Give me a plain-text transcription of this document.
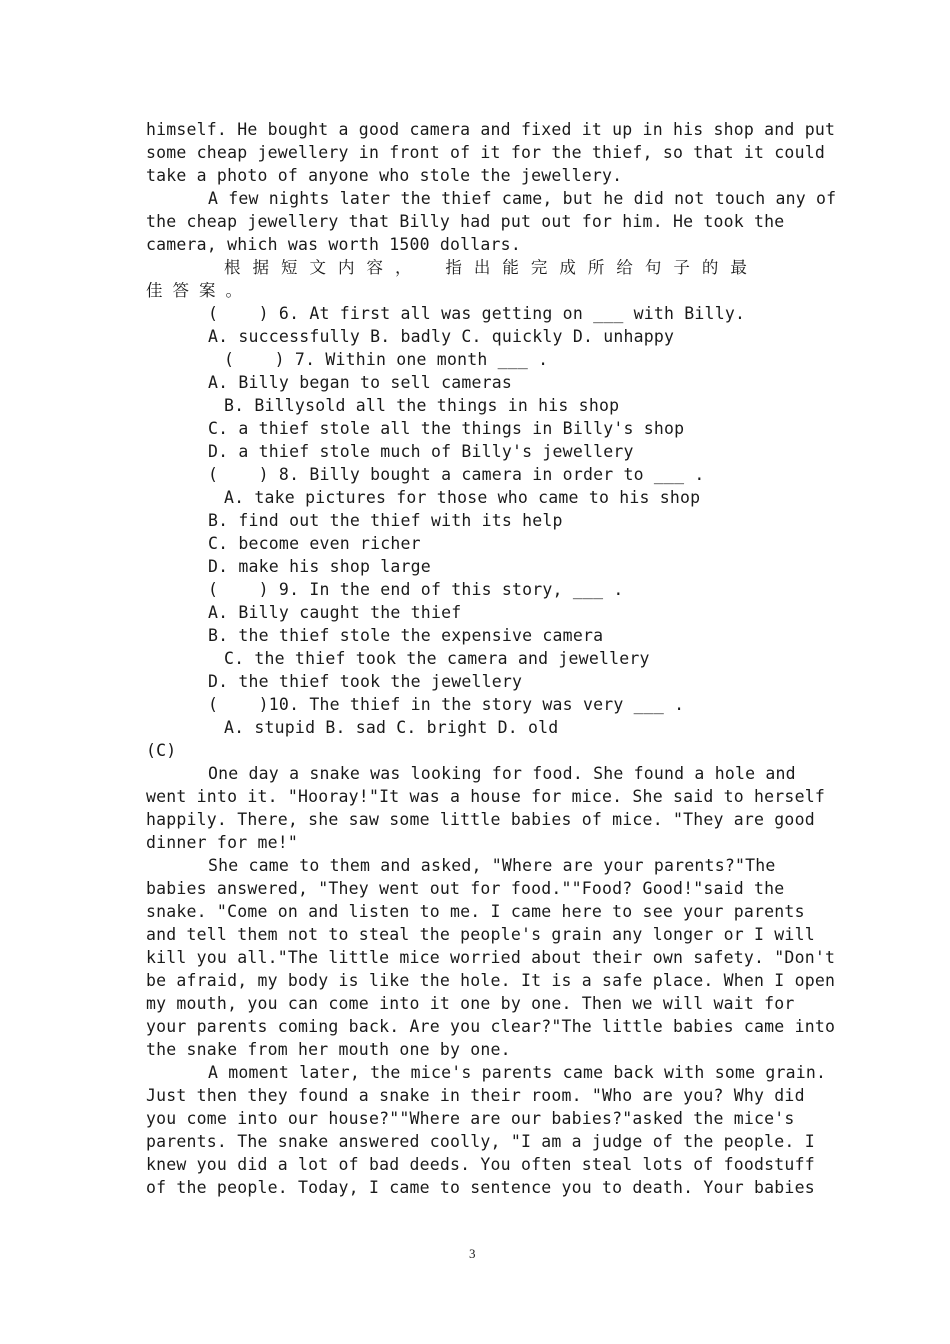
himself. He bought a good camera and fixed it up in his shop and put
some cheap jewellery in front of it for the thief, so that it could
take a photo of anyone who stole the jewellery.
A few nights later the thief came, but he did not touch any of
the cheap jewellery that Billy had put out for him. He took the
camera, which was worth 1500 dollars.
根据短文内容， 指出能完成所给句子的最
佳答案。
(    ) 6. At first all was getting on ___ with Billy.
A. successfully B. badly C. quickly D. unhappy
(    ) 7. Within one month ___ .
A. Billy began to sell cameras
B. Billysold all the things in his shop
C. a thief stole all the things in Billy's shop
D. a thief stole much of Billy's jewellery
(    ) 8. Billy bought a camera in order to ___ .
A. take pictures for those who came to his shop
B. find out the thief with its help
C. become even richer
D. make his shop large
(    ) 9. In the end of this story, ___ .
A. Billy caught the thief
B. the thief stole the expensive camera
C. the thief took the camera and jewellery
D. the thief took the jewellery
(    )10. The thief in the story was very ___ .
A. stupid B. sad C. bright D. old
(C)
One day a snake was looking for food. She found a hole and
went into it. "Hooray!"It was a house for mice. She said to herself
happily. There, she saw some little babies of mice. "They are good
dinner for me!"
She came to them and asked, "Where are your parents?"The
babies answered, "They went out for food.""Food? Good!"said the
snake. "Come on and listen to me. I came here to see your parents
and tell them not to steal the people's grain any longer or I will
kill you all."The little mice worried about their own safety. "Don't
be afraid, my body is like the hole. It is a safe place. When I open
my mouth, you can come into it one by one. Then we will wait for
your parents coming back. Are you clear?"The little babies came into
the snake from her mouth one by one.
A moment later, the mice's parents came back with some grain.
Just then they found a snake in their room. "Who are you? Why did
you come into our house?""Where are our babies?"asked the mice's
parents. The snake answered coolly, "I am a judge of the people. I
knew you did a lot of bad deeds. You often steal lots of foodstuff
of the people. Today, I came to sentence you to death. Your babies
3
